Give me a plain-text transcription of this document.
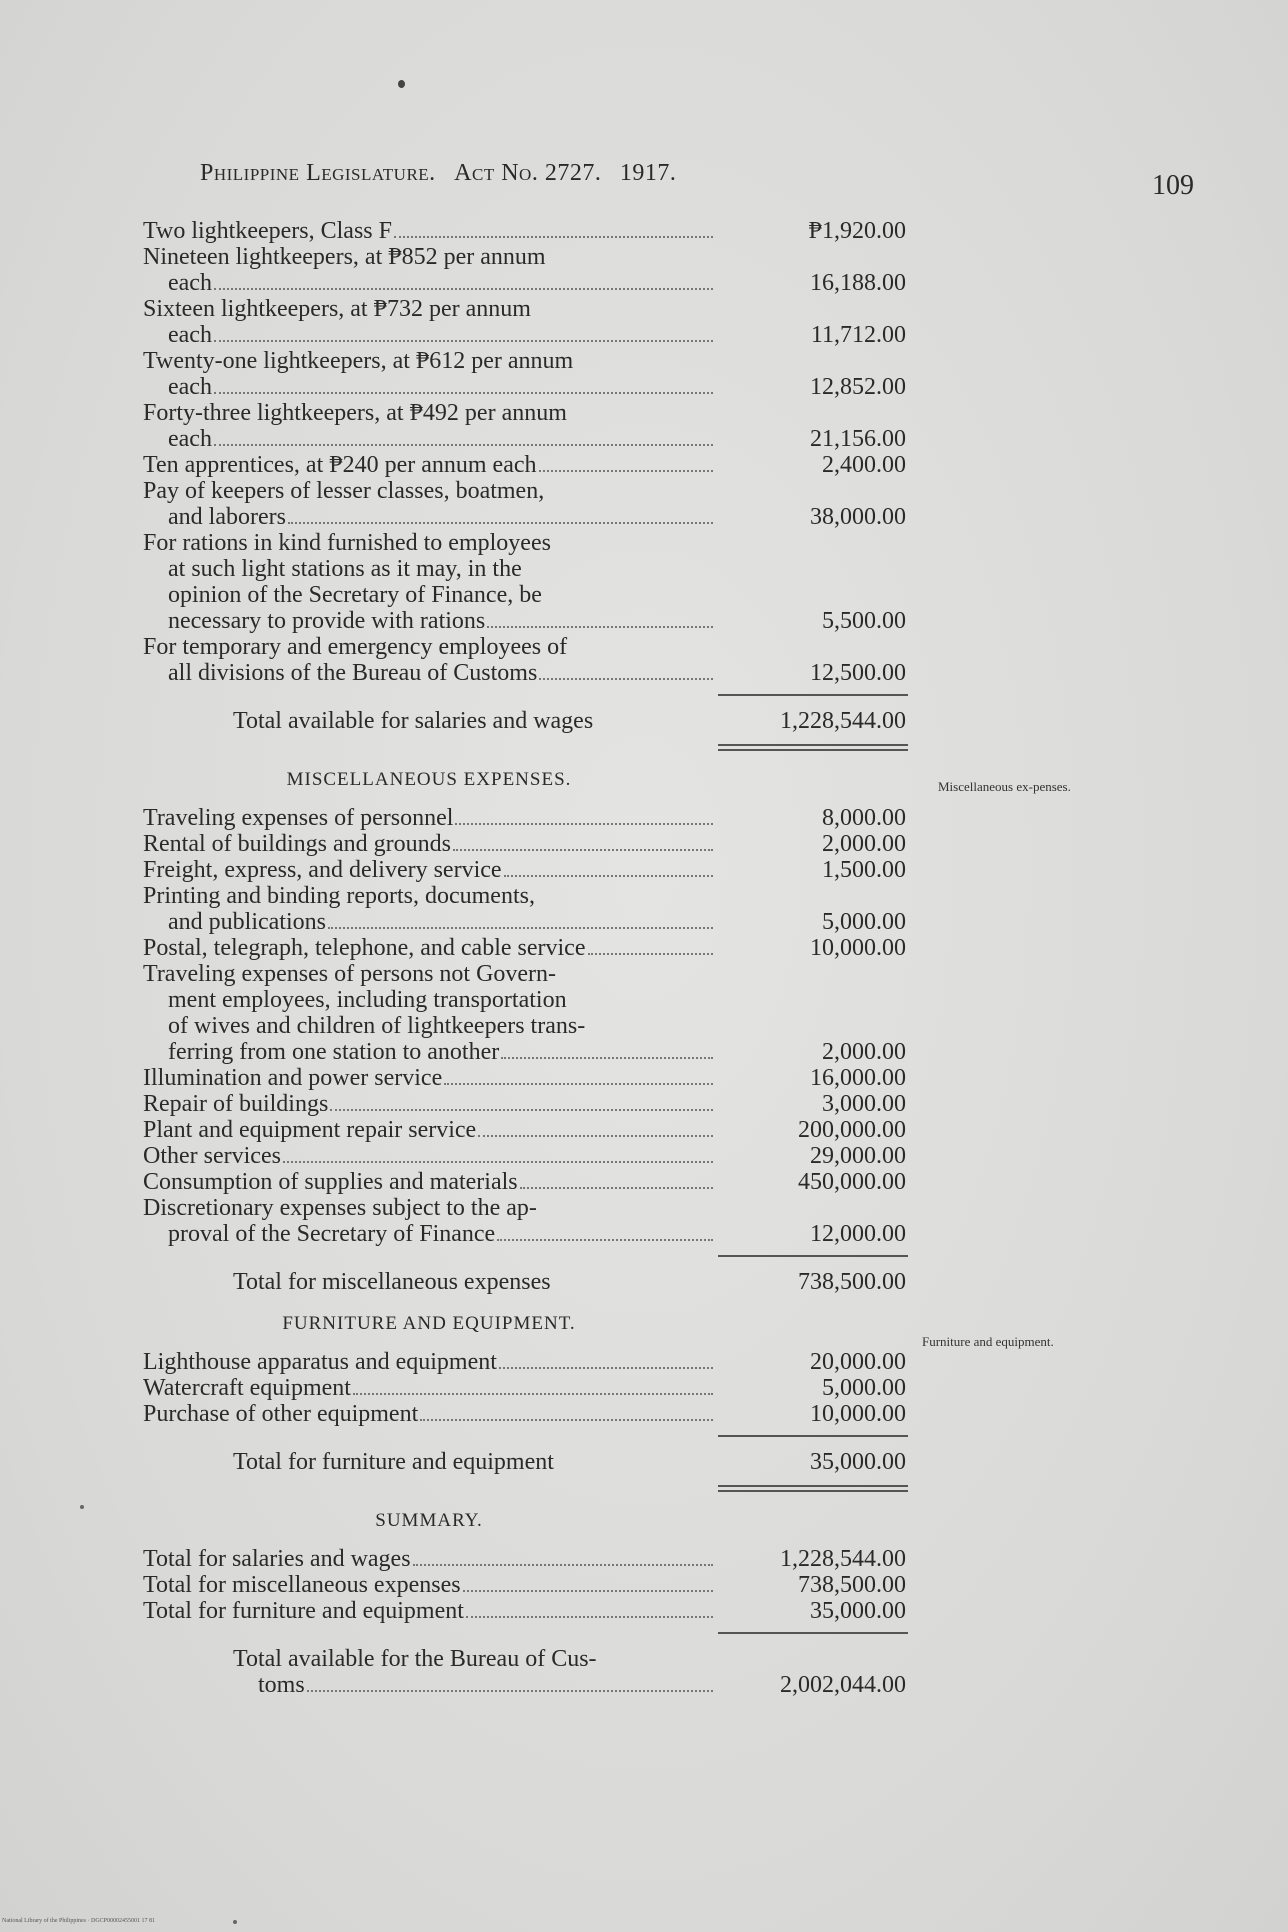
Philippine Legislature. Act No. 2727. 1917.	109
Two lightkeepers, Class F	₱1,920.00
Nineteen lightkeepers, at ₱852 per annum
each	16,188.00
Sixteen lightkeepers, at ₱732 per annum
each	11,712.00
Twenty-one lightkeepers, at ₱612 per annum
each	12,852.00
Forty-three lightkeepers, at ₱492 per annum
each	21,156.00
Ten apprentices, at ₱240 per annum each	2,400.00
Pay of keepers of lesser classes, boatmen,
and laborers	38,000.00
For rations in kind furnished to employees
at such light stations as it may, in the
opinion of the Secretary of Finance, be
necessary to provide with rations	5,500.00
For temporary and emergency employees of
all divisions of the Bureau of Customs	12,500.00
Total available for salaries and wages	1,228,544.00
MISCELLANEOUS EXPENSES.
Traveling expenses of personnel	8,000.00
Rental of buildings and grounds	2,000.00
Freight, express, and delivery service	1,500.00
Printing and binding reports, documents,
and publications	5,000.00
Postal, telegraph, telephone, and cable service	10,000.00
Traveling expenses of persons not Govern-
ment employees, including transportation
of wives and children of lightkeepers trans-
ferring from one station to another	2,000.00
Illumination and power service	16,000.00
Repair of buildings	3,000.00
Plant and equipment repair service	200,000.00
Other services	29,000.00
Consumption of supplies and materials	450,000.00
Discretionary expenses subject to the ap-
proval of the Secretary of Finance	12,000.00
Total for miscellaneous expenses	738,500.00
FURNITURE AND EQUIPMENT.
Lighthouse apparatus and equipment	20,000.00
Watercraft equipment	5,000.00
Purchase of other equipment	10,000.00
Total for furniture and equipment	35,000.00
SUMMARY.
Total for salaries and wages	1,228,544.00
Total for miscellaneous expenses	738,500.00
Total for furniture and equipment	35,000.00
Total available for the Bureau of Cus-
toms	2,002,044.00
Miscellaneous ex-penses.
Furniture and equipment.
National Library of the Philippines · DGCP00002455001 17 81
